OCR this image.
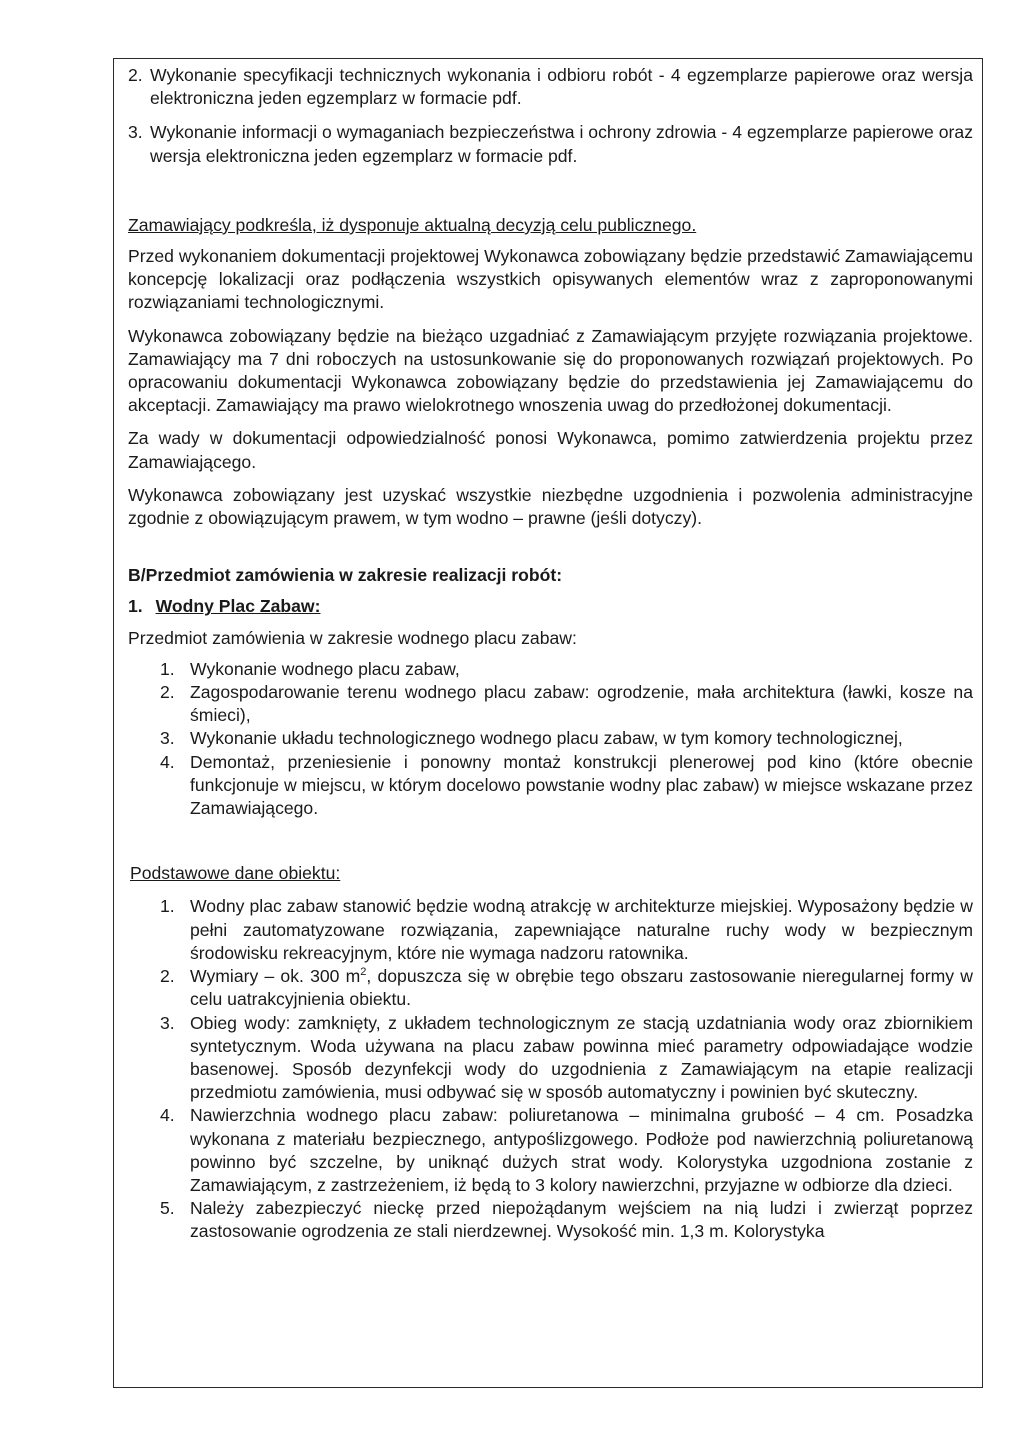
2. Wykonanie specyfikacji technicznych wykonania i odbioru robót - 4 egzemplarze papierowe oraz wersja elektroniczna jeden egzemplarz w formacie pdf.
3. Wykonanie informacji o wymaganiach bezpieczeństwa i ochrony zdrowia - 4 egzemplarze papierowe oraz wersja elektroniczna jeden egzemplarz w formacie pdf.

Zamawiający podkreśla, iż dysponuje aktualną decyzją celu publicznego.

Przed wykonaniem dokumentacji projektowej Wykonawca zobowiązany będzie przedstawić Zamawiającemu koncepcję lokalizacji oraz podłączenia wszystkich opisywanych elementów wraz z zaproponowanymi rozwiązaniami technologicznymi.

Wykonawca zobowiązany będzie na bieżąco uzgadniać z Zamawiającym przyjęte rozwiązania projektowe. Zamawiający ma 7 dni roboczych na ustosunkowanie się do proponowanych rozwiązań projektowych. Po opracowaniu dokumentacji Wykonawca zobowiązany będzie do przedstawienia jej Zamawiającemu do akceptacji. Zamawiający ma prawo wielokrotnego wnoszenia uwag do przedłożonej dokumentacji.

Za wady w dokumentacji odpowiedzialność ponosi Wykonawca, pomimo zatwierdzenia projektu przez Zamawiającego.

Wykonawca zobowiązany jest uzyskać wszystkie niezbędne uzgodnienia i pozwolenia administracyjne zgodnie z obowiązującym prawem, w tym wodno – prawne (jeśli dotyczy).

B/Przedmiot zamówienia w zakresie realizacji robót:

1. Wodny Plac Zabaw:

Przedmiot zamówienia w zakresie wodnego placu zabaw:

1. Wykonanie wodnego placu zabaw,
2. Zagospodarowanie terenu wodnego placu zabaw: ogrodzenie, mała architektura (ławki, kosze na śmieci),
3. Wykonanie układu technologicznego wodnego placu zabaw, w tym komory technologicznej,
4. Demontaż, przeniesienie i ponowny montaż konstrukcji plenerowej pod kino (które obecnie funkcjonuje w miejscu, w którym docelowo powstanie wodny plac zabaw) w miejsce wskazane przez Zamawiającego.

Podstawowe dane obiektu:

1. Wodny plac zabaw stanowić będzie wodną atrakcję w architekturze miejskiej. Wyposażony będzie w pełni zautomatyzowane rozwiązania, zapewniające naturalne ruchy wody w bezpiecznym środowisku rekreacyjnym, które nie wymaga nadzoru ratownika.
2. Wymiary – ok. 300 $m^2$, dopuszcza się w obrębie tego obszaru zastosowanie nieregularnej formy w celu uatrakcyjnienia obiektu.
3. Obieg wody: zamknięty, z układem technologicznym ze stacją uzdatniania wody oraz zbiornikiem syntetycznym. Woda używana na placu zabaw powinna mieć parametry odpowiadające wodzie basenowej. Sposób dezynfekcji wody do uzgodnienia z Zamawiającym na etapie realizacji przedmiotu zamówienia, musi odbywać się w sposób automatyczny i powinien być skuteczny.
4. Nawierzchnia wodnego placu zabaw: poliuretanowa – minimalna grubość – 4 cm. Posadzka wykonana z materiału bezpiecznego, antypoślizgowego. Podłoże pod nawierzchnią poliuretanową powinno być szczelne, by uniknąć dużych strat wody. Kolorystyka uzgodniona zostanie z Zamawiającym, z zastrzeżeniem, iż będą to 3 kolory nawierzchni, przyjazne w odbiorze dla dzieci.
5. Należy zabezpieczyć nieckę przed niepożądanym wejściem na nią ludzi i zwierząt poprzez zastosowanie ogrodzenia ze stali nierdzewnej. Wysokość min. 1,3 m. Kolorystyka
